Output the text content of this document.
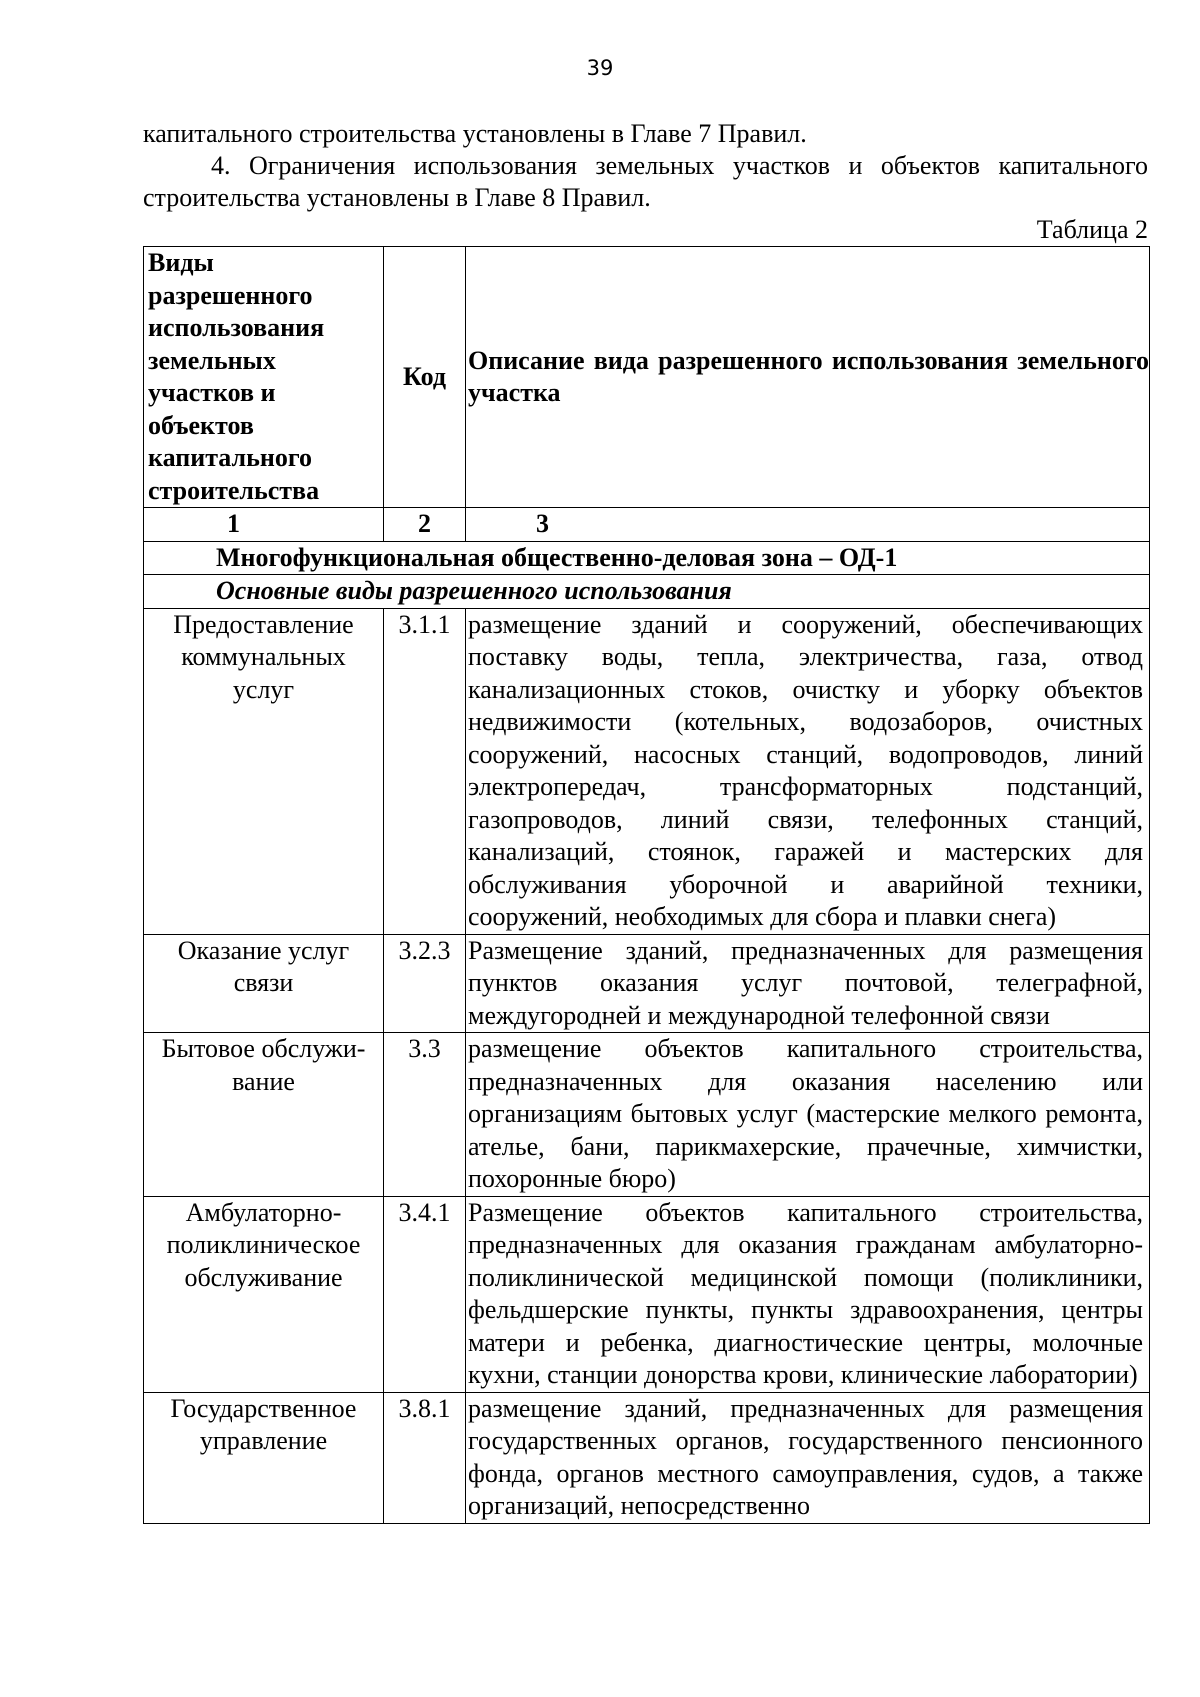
39
капитального строительства установлены в Главе 7 Правил.
4. Ограничения использования земельных участков и объектов капитального строительства установлены в Главе 8 Правил.
Таблица 2
Виды разрешенного использования земельных участков и объектов капитального строительства	Код	Описание вида разрешенного использования земельного участка
1	2	3
Многофункциональная общественно-деловая зона – ОД-1		
Основные виды разрешенного использования		
Предоставление коммунальных услуг	3.1.1	размещение зданий и сооружений, обеспечивающих поставку воды, тепла, электричества, газа, отвод канализационных стоков, очистку и уборку объектов недвижимости (котельных, водозаборов, очистных сооружений, насосных станций, водопроводов, линий электропередач, трансформаторных подстанций, газопроводов, линий связи, телефонных станций, канализаций, стоянок, гаражей и мастерских для обслуживания уборочной и аварийной техники, сооружений, необходимых для сбора и плавки снега)
Оказание услуг связи	3.2.3	Размещение зданий, предназначенных для размещения пунктов оказания услуг почтовой, телеграфной, междугородней и международной телефонной связи
Бытовое обслужи-вание	3.3	размещение объектов капитального строительства, предназначенных для оказания населению или организациям бытовых услуг (мастерские мелкого ремонта, ателье, бани, парикмахерские, прачечные, химчистки, похоронные бюро)
Амбулаторно-поликлиническое обслуживание	3.4.1	Размещение объектов капитального строительства, предназначенных для оказания гражданам амбулаторно-поликлинической медицинской помощи (поликлиники, фельдшерские пункты, пункты здравоохранения, центры матери и ребенка, диагностические центры, молочные кухни, станции донорства крови, клинические лаборатории)
Государственное управление	3.8.1	размещение зданий, предназначенных для размещения государственных органов, государственного пенсионного фонда, органов местного самоуправления, судов, а также организаций, непосредственно
